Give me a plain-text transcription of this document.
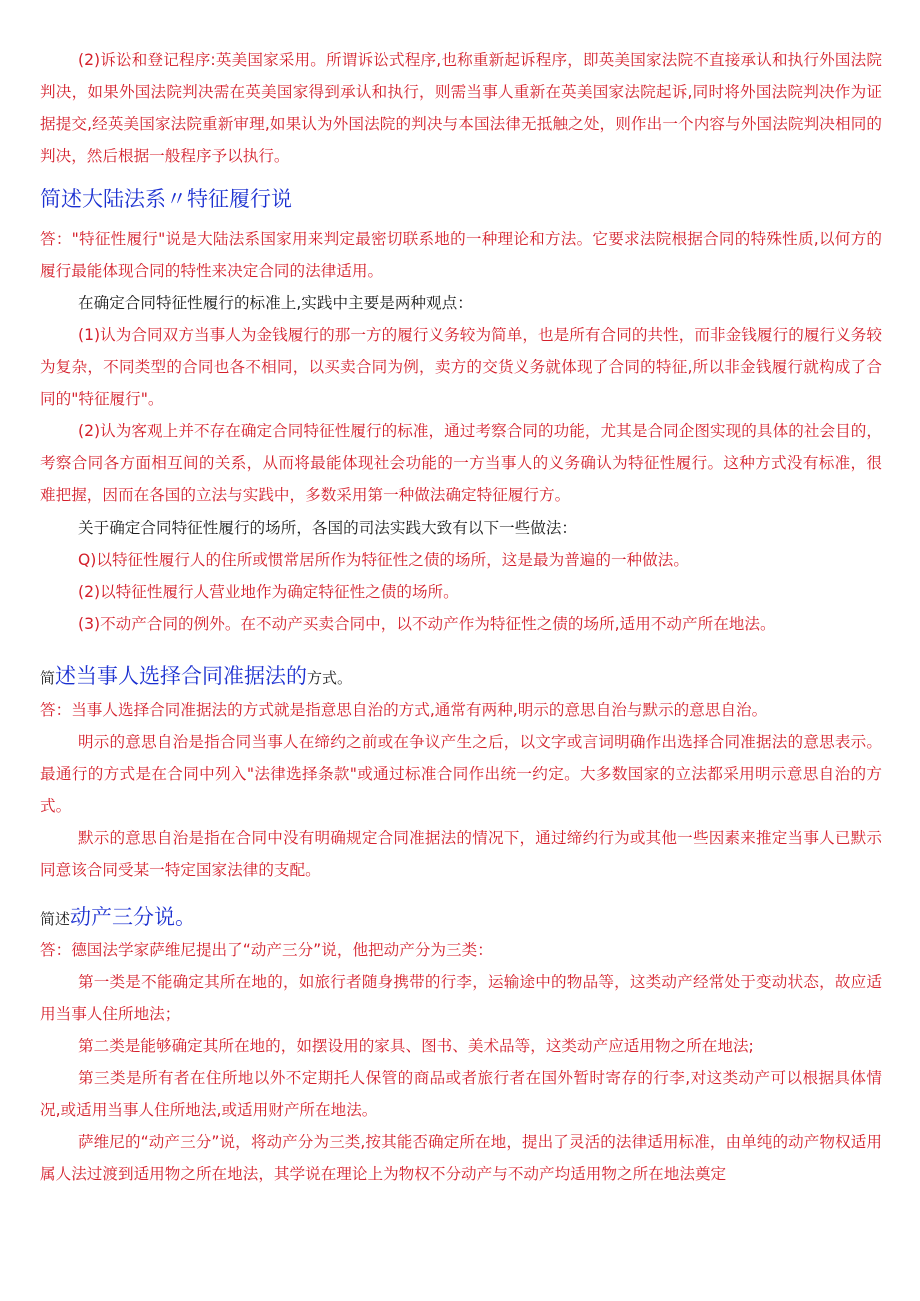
(2)诉讼和登记程序:英美国家采用。所谓诉讼式程序,也称重新起诉程序，即英美国家法院不直接承认和执行外国法院判决，如果外国法院判决需在英美国家得到承认和执行，则需当事人重新在英美国家法院起诉,同时将外国法院判决作为证据提交,经英美国家法院重新审理,如果认为外国法院的判决与本国法律无抵触之处，则作出一个内容与外国法院判决相同的判决，然后根据一般程序予以执行。

简述大陆法系〃特征履行说

答："特征性履行"说是大陆法系国家用来判定最密切联系地的一种理论和方法。它要求法院根据合同的特殊性质,以何方的履行最能体现合同的特性来决定合同的法律适用。

在确定合同特征性履行的标准上,实践中主要是两种观点：

(1)认为合同双方当事人为金钱履行的那一方的履行义务较为简单，也是所有合同的共性，而非金钱履行的履行义务较为复杂，不同类型的合同也各不相同，以买卖合同为例，卖方的交货义务就体现了合同的特征,所以非金钱履行就构成了合同的"特征履行"。

(2)认为客观上并不存在确定合同特征性履行的标准，通过考察合同的功能，尤其是合同企图实现的具体的社会目的，考察合同各方面相互间的关系，从而将最能体现社会功能的一方当事人的义务确认为特征性履行。这种方式没有标准，很难把握，因而在各国的立法与实践中，多数采用第一种做法确定特征履行方。

关于确定合同特征性履行的场所，各国的司法实践大致有以下一些做法：

Q)以特征性履行人的住所或惯常居所作为特征性之债的场所，这是最为普遍的一种做法。

(2)以特征性履行人营业地作为确定特征性之债的场所。

(3)不动产合同的例外。在不动产买卖合同中，以不动产作为特征性之债的场所,适用不动产所在地法。

简述当事人选择合同准据法的方式。

答：当事人选择合同准据法的方式就是指意思自治的方式,通常有两种,明示的意思自治与默示的意思自治。

明示的意思自治是指合同当事人在缔约之前或在争议产生之后，以文字或言词明确作出选择合同准据法的意思表示。最通行的方式是在合同中列入"法律选择条款"或通过标准合同作出统一约定。大多数国家的立法都采用明示意思自治的方式。

默示的意思自治是指在合同中没有明确规定合同准据法的情况下，通过缔约行为或其他一些因素来推定当事人已默示同意该合同受某一特定国家法律的支配。

简述动产三分说。

答：德国法学家萨维尼提出了“动产三分”说，他把动产分为三类：

第一类是不能确定其所在地的，如旅行者随身携带的行李，运输途中的物品等，这类动产经常处于变动状态，故应适用当事人住所地法；

第二类是能够确定其所在地的，如摆设用的家具、图书、美术品等，这类动产应适用物之所在地法;

第三类是所有者在住所地以外不定期托人保管的商品或者旅行者在国外暂时寄存的行李,对这类动产可以根据具体情况,或适用当事人住所地法,或适用财产所在地法。

萨维尼的“动产三分”说，将动产分为三类,按其能否确定所在地，提出了灵活的法律适用标准，由单纯的动产物权适用属人法过渡到适用物之所在地法，其学说在理论上为物权不分动产与不动产均适用物之所在地法奠定
